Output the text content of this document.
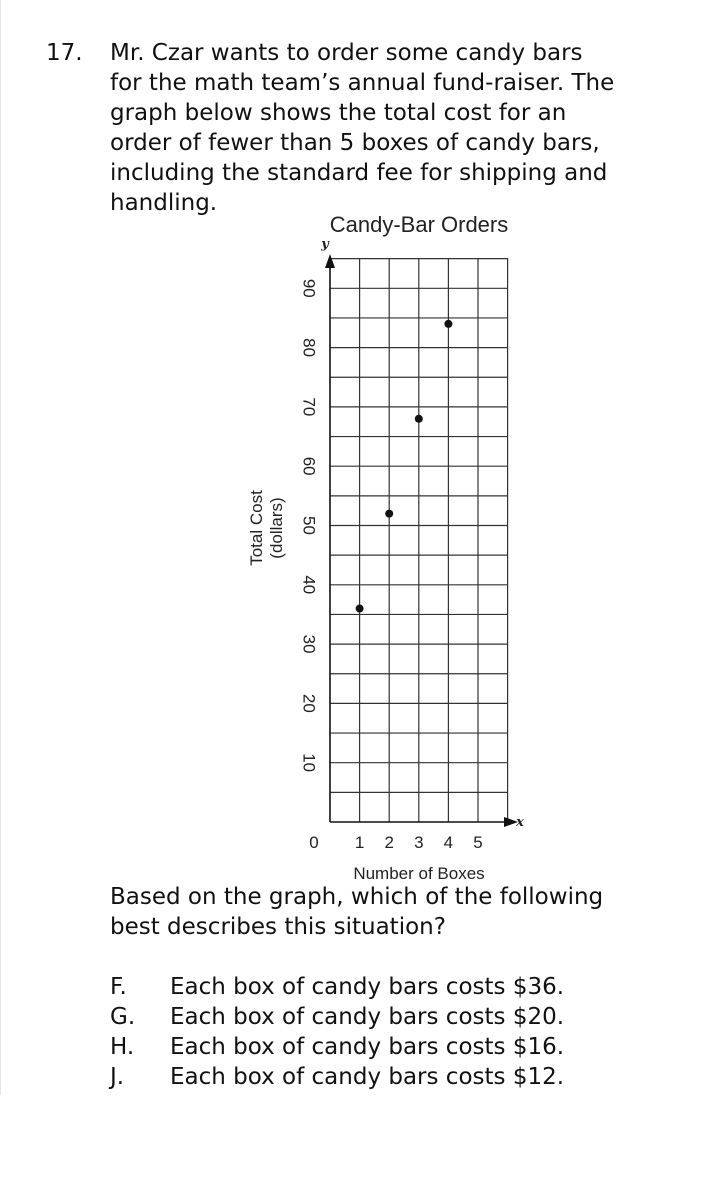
17. Mr. Czar wants to order some candy bars
for the math team’s annual fund-raiser. The
graph below shows the total cost for an
order of fewer than 5 boxes of candy bars,
including the standard fee for shipping and
handling.
Candy-Bar Orders
10
20
30
40
50
60
70
80
90
0 1 2 3 4 5
Number of Boxes
Total Cost (dollars)
y
x
Based on the graph, which of the following
best describes this situation?
F. Each box of candy bars costs $36.
G. Each box of candy bars costs $20.
H. Each box of candy bars costs $16.
J. Each box of candy bars costs $12.
